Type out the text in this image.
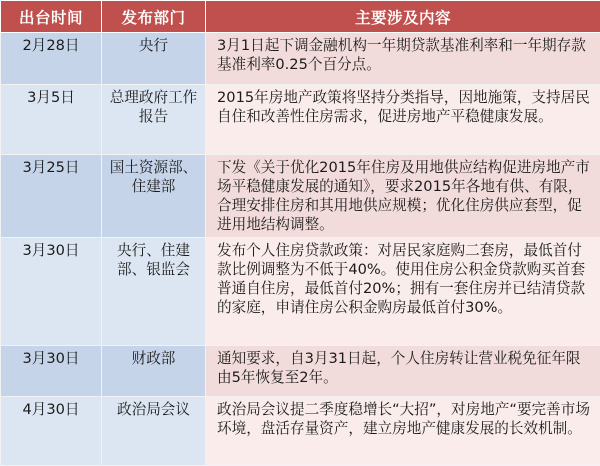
出台时间	发布部门	主要涉及内容
2月28日	央行	3月1日起下调金融机构一年期贷款基准利率和一年期存款基准利率0.25个百分点。
3月5日	总理政府工作报告	2015年房地产政策将坚持分类指导，因地施策，支持居民自住和改善性住房需求，促进房地产平稳健康发展。
3月25日	国土资源部、住建部	下发《关于优化2015年住房及用地供应结构促进房地产市场平稳健康发展的通知》，要求2015年各地有供、有限，合理安排住房和其用地供应规模；优化住房供应套型，促进用地结构调整。
3月30日	央行、住建部、银监会	发布个人住房贷款政策：对居民家庭购二套房，最低首付款比例调整为不低于40%。使用住房公积金贷款购买首套普通自住房，最低首付20%；拥有一套住房并已结清贷款的家庭，申请住房公积金购房最低首付30%。
3月30日	财政部	通知要求，自3月31日起，个人住房转让营业税免征年限由5年恢复至2年。
4月30日	政治局会议	政治局会议提二季度稳增长“大招”，对房地产“要完善市场环境，盘活存量资产，建立房地产健康发展的长效机制。
